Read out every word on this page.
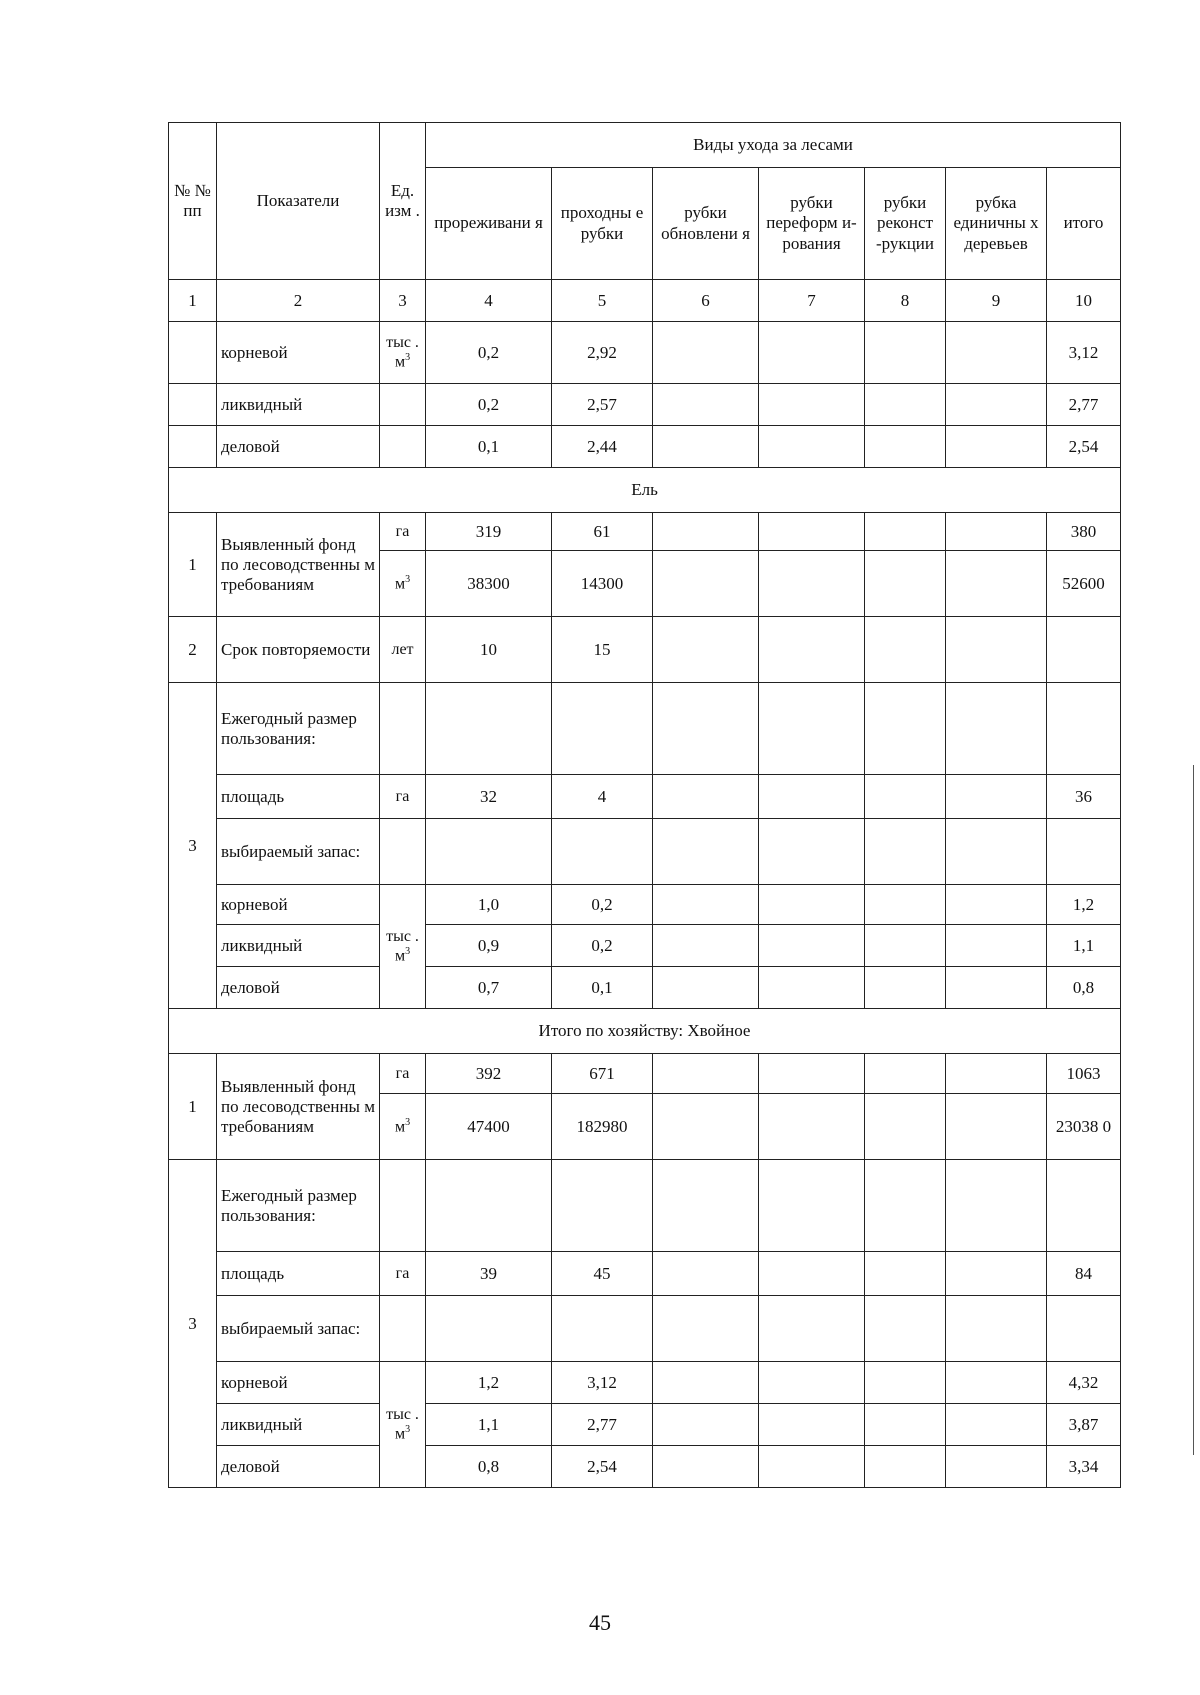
№ № пп	Показатели	Ед. изм .	Виды ухода за лесами						
			прореживани я	проходны е рубки	рубки обновлени я	рубки переформ и-рования	рубки реконст -рукции	рубка единичны х деревьев	итого
1	2	3	4	5	6	7	8	9	10
	корневой	тыс . $м^3$	0,2	2,92					3,12
	ликвидный		0,2	2,57					2,77
	деловой		0,1	2,44					2,54
Ель									
1	Выявленный фонд по лесоводственны м требованиям	га	319	61					380
		$м^3$	38300	14300					52600
2	Срок повторяемости	лет	10	15					
3	Ежегодный размер пользования:								
	площадь	га	32	4					36
	выбираемый запас:								
	корневой	тыс . $м^3$	1,0	0,2					1,2
	ликвидный		0,9	0,2					1,1
	деловой		0,7	0,1					0,8
Итого по хозяйству: Хвойное									
1	Выявленный фонд по лесоводственны м требованиям	га	392	671					1063
		$м^3$	47400	182980					23038 0
3	Ежегодный размер пользования:								
	площадь	га	39	45					84
	выбираемый запас:								
	корневой	тыс . $м^3$	1,2	3,12					4,32
	ликвидный		1,1	2,77					3,87
	деловой		0,8	2,54					3,34
45
